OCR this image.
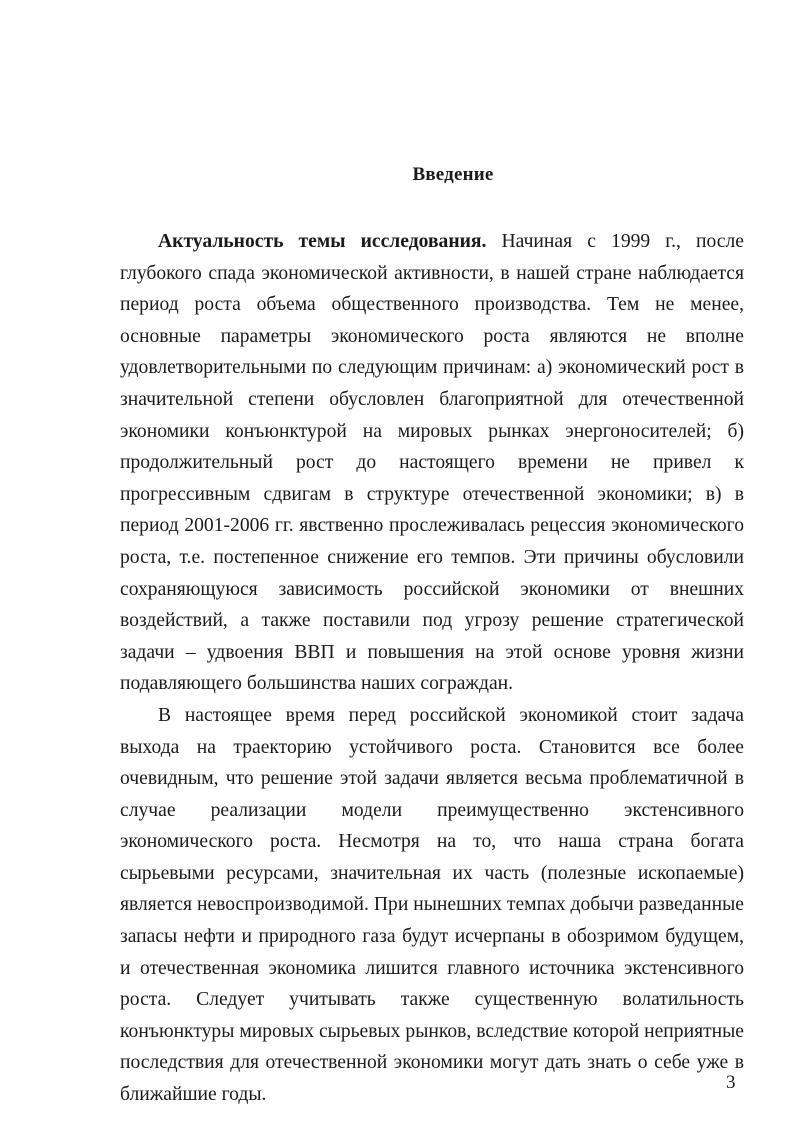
Введение

Актуальность темы исследования. Начиная с 1999 г., после глубокого спада экономической активности, в нашей стране наблюдается период роста объема общественного производства. Тем не менее, основные параметры экономического роста являются не вполне удовлетворительными по следующим причинам: а) экономический рост в значительной степени обусловлен благоприятной для отечественной экономики конъюнктурой на мировых рынках энергоносителей; б) продолжительный рост до настоящего времени не привел к прогрессивным сдвигам в структуре отечественной экономики; в) в период 2001-2006 гг. явственно прослеживалась рецессия экономического роста, т.е. постепенное снижение его темпов. Эти причины обусловили сохраняющуюся зависимость российской экономики от внешних воздействий, а также поставили под угрозу решение стратегической задачи – удвоения ВВП и повышения на этой основе уровня жизни подавляющего большинства наших сограждан.

В настоящее время перед российской экономикой стоит задача выхода на траекторию устойчивого роста. Становится все более очевидным, что решение этой задачи является весьма проблематичной в случае реализации модели преимущественно экстенсивного экономического роста. Несмотря на то, что наша страна богата сырьевыми ресурсами, значительная их часть (полезные ископаемые) является невоспроизводимой. При нынешних темпах добычи разведанные запасы нефти и природного газа будут исчерпаны в обозримом будущем, и отечественная экономика лишится главного источника экстенсивного роста. Следует учитывать также существенную волатильность конъюнктуры мировых сырьевых рынков, вследствие которой неприятные последствия для отечественной экономики могут дать знать о себе уже в ближайшие годы.

3
